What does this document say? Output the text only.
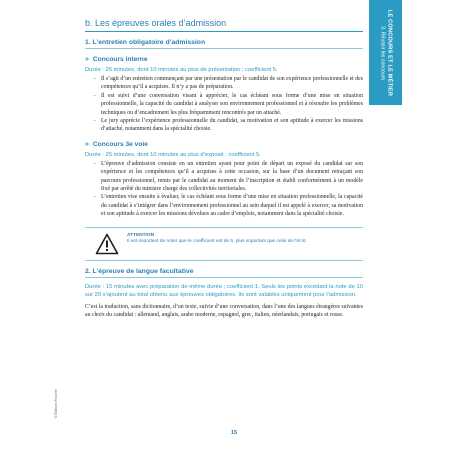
LE CONCOURS ET LE MÉTIER
3. Réussir les concours
b. Les épreuves orales d’admission
1. L’entretien obligatoire d’admission
» Concours interne
Durée : 25 minutes, dont 10 minutes au plus de présentation ; coefficient 5.
– Il s’agit d’un entretien commençant par une présentation par le candidat de son expérience professionnelle et des compétences qu’il a acquises. Il n’y a pas de préparation.
– Il est suivi d’une conversation visant à apprécier, le cas échéant sous forme d’une mise en situation professionnelle, la capacité du candidat à analyser son environnement professionnel et à résoudre les problèmes techniques ou d’encadrement les plus fréquemment rencontrés par un attaché.
– Le jury apprécie l’expérience professionnelle du candidat, sa motivation et son aptitude à exercer les missions d’attaché, notamment dans la spécialité choisie.
» Concours 3e voie
Durée : 25 minutes, dont 10 minutes au plus d’exposé ; coefficient 5.
– L’épreuve d’admission consiste en un entretien ayant pour point de départ un exposé du candidat sur son expérience et les compétences qu’il a acquises à cette occasion, sur la base d’un document retraçant son parcours professionnel, remis par le candidat au moment de l’inscription et établi conformément à un modèle fixé par arrêté du ministre chargé des collectivités territoriales.
– L’entretien vise ensuite à évaluer, le cas échéant sous forme d’une mise en situation professionnelle, la capacité du candidat à s’intégrer dans l’environnement professionnel au sein duquel il est appelé à exercer, sa motivation et son aptitude à exercer les missions dévolues au cadre d’emplois, notamment dans la spécialité choisie.
ATTENTION
Il est important de noter que le coefficient est de 5, plus important que celui de l’écrit.
2. L’épreuve de langue facultative
Durée : 15 minutes avec préparation de même durée ; coefficient 1. Seuls les points excédant la note de 10 sur 20 s’ajoutent au total obtenu aux épreuves obligatoires. Ils sont valables uniquement pour l’admission.

C’est la traduction, sans dictionnaire, d’un texte, suivie d’une conversation, dans l’une des langues étrangères suivantes au choix du candidat : allemand, anglais, arabe moderne, espagnol, grec, italien, néerlandais, portugais et russe.

© Éditions Foucher
15
